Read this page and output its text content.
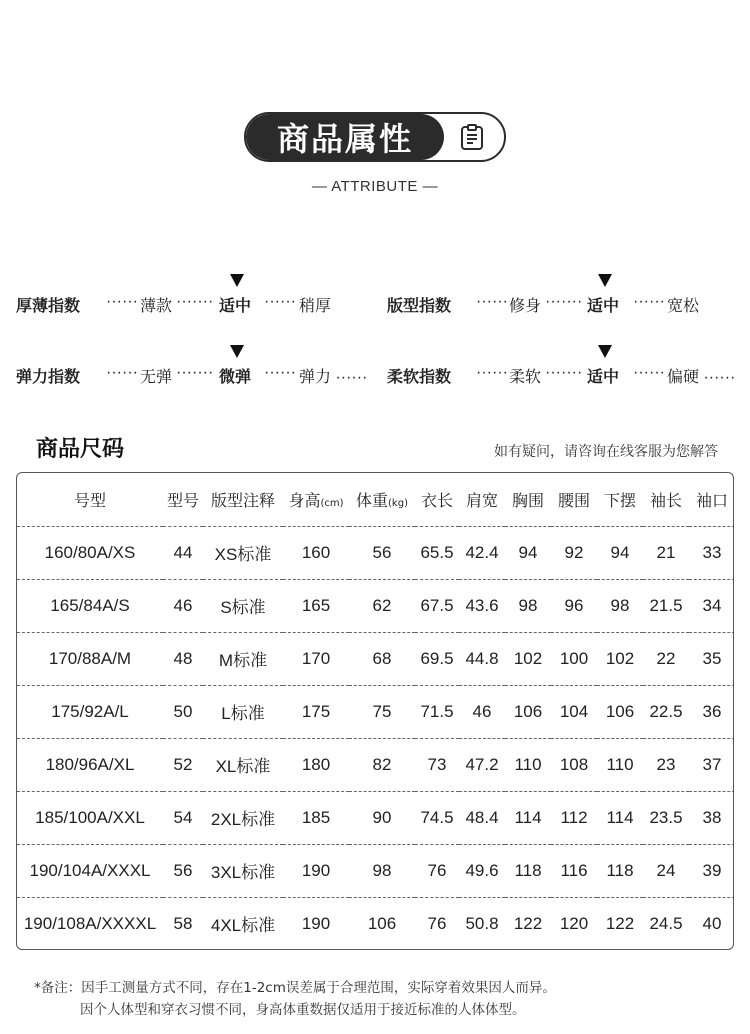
商品属性
— ATTRIBUTE —
厚薄指数 ······ 薄款 ······· 适中 ······ 稍厚	版型指数 ······ 修身 ······· 适中 ······ 宽松
弹力指数 ······ 无弹 ······· 微弹 ······ 弹力 ······ 柔软指数 ······ 柔软 ······· 适中 ······ 偏硬 ······
商品尺码	如有疑问，请咨询在线客服为您解答
号型	型号	版型注释	身高(cm)	体重(kg)	衣长	肩宽	胸围	腰围	下摆	袖长	袖口
160/80A/XS	44	XS标准	160	56	65.5	42.4	94	92	94	21	33
165/84A/S	46	S标准	165	62	67.5	43.6	98	96	98	21.5	34
170/88A/M	48	M标准	170	68	69.5	44.8	102	100	102	22	35
175/92A/L	50	L标准	175	75	71.5	46	106	104	106	22.5	36
180/96A/XL	52	XL标准	180	82	73	47.2	110	108	110	23	37
185/100A/XXL	54	2XL标准	185	90	74.5	48.4	114	112	114	23.5	38
190/104A/XXXL	56	3XL标准	190	98	76	49.6	118	116	118	24	39
190/108A/XXXXL	58	4XL标准	190	106	76	50.8	122	120	122	24.5	40
*备注：因手工测量方式不同，存在1-2cm误差属于合理范围，实际穿着效果因人而异。
因个人体型和穿衣习惯不同，身高体重数据仅适用于接近标准的人体体型。
